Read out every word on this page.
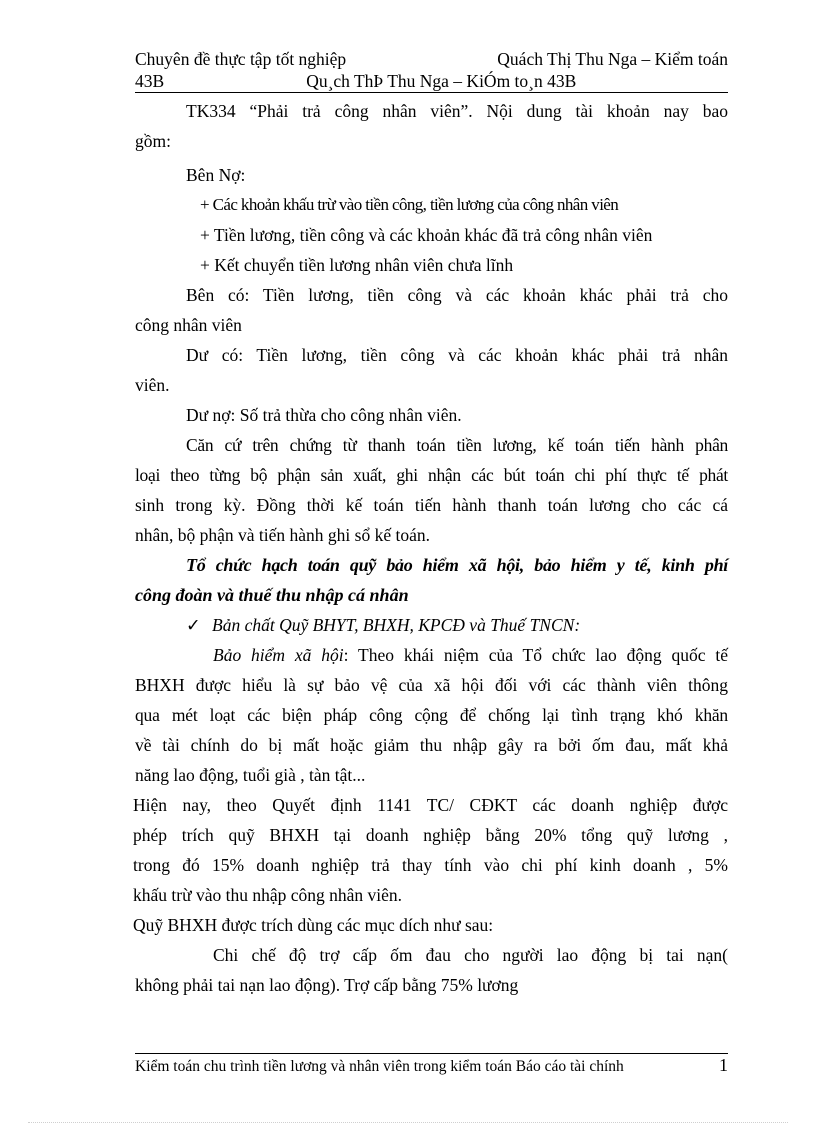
Chuyên đề thực tập tốt nghiệp	Quách Thị Thu Nga – Kiểm toán
43B	Qu¸ch ThÞ Thu Nga – KiÓm to¸n 43B
TK334 “Phải trả công nhân viên”. Nội dung tài khoản nay bao
gồm:
Bên Nợ:
+ Các khoản khấu trừ vào tiền công, tiền lương của công nhân viên
+ Tiền lương, tiền công và các khoản khác đã trả công nhân viên
+ Kết chuyển tiền lương nhân viên chưa lĩnh
Bên có: Tiền lương, tiền công và các khoản khác phải trả cho
công nhân viên
Dư có: Tiền lương, tiền công và các khoản khác phải trả nhân
viên.
Dư nợ: Số trả thừa cho công nhân viên.
Căn cứ trên chứng từ thanh toán tiền lương, kế toán tiến hành phân
loại theo từng bộ phận sản xuất, ghi nhận các bút toán chi phí thực tế phát
sinh trong kỳ. Đồng thời kế toán tiến hành thanh toán lương cho các cá
nhân, bộ phận và tiến hành ghi sổ kế toán.
Tổ chức hạch toán quỹ bảo hiểm xã hội, bảo hiểm y tế, kinh phí
công đoàn và thuế thu nhập cá nhân
✓ Bản chất Quỹ BHYT, BHXH, KPCĐ và Thuế TNCN:
Bảo hiểm xã hội: Theo khái niệm của Tổ chức lao động quốc tế
BHXH được hiểu là sự bảo vệ của xã hội đối với các thành viên thông
qua mét loạt các biện pháp công cộng để chống lại tình trạng khó khăn
về tài chính do bị mất hoặc giảm thu nhập gây ra bởi ốm đau, mất khả
năng lao động, tuổi già , tàn tật...
Hiện nay, theo Quyết định 1141 TC/ CĐKT các doanh nghiệp được
phép trích quỹ BHXH tại doanh nghiệp bằng 20% tổng quỹ lương ,
trong đó 15% doanh nghiệp trả thay tính vào chi phí kinh doanh , 5%
khấu trừ vào thu nhập công nhân viên.
Quỹ BHXH được trích dùng các mục dích như sau:
Chi chế độ trợ cấp ốm đau cho người lao động bị tai nạn(
không phải tai nạn lao động). Trợ cấp bằng 75% lương
Kiểm toán chu trình tiền lương và nhân viên trong kiểm toán Báo cáo tài chính	1
